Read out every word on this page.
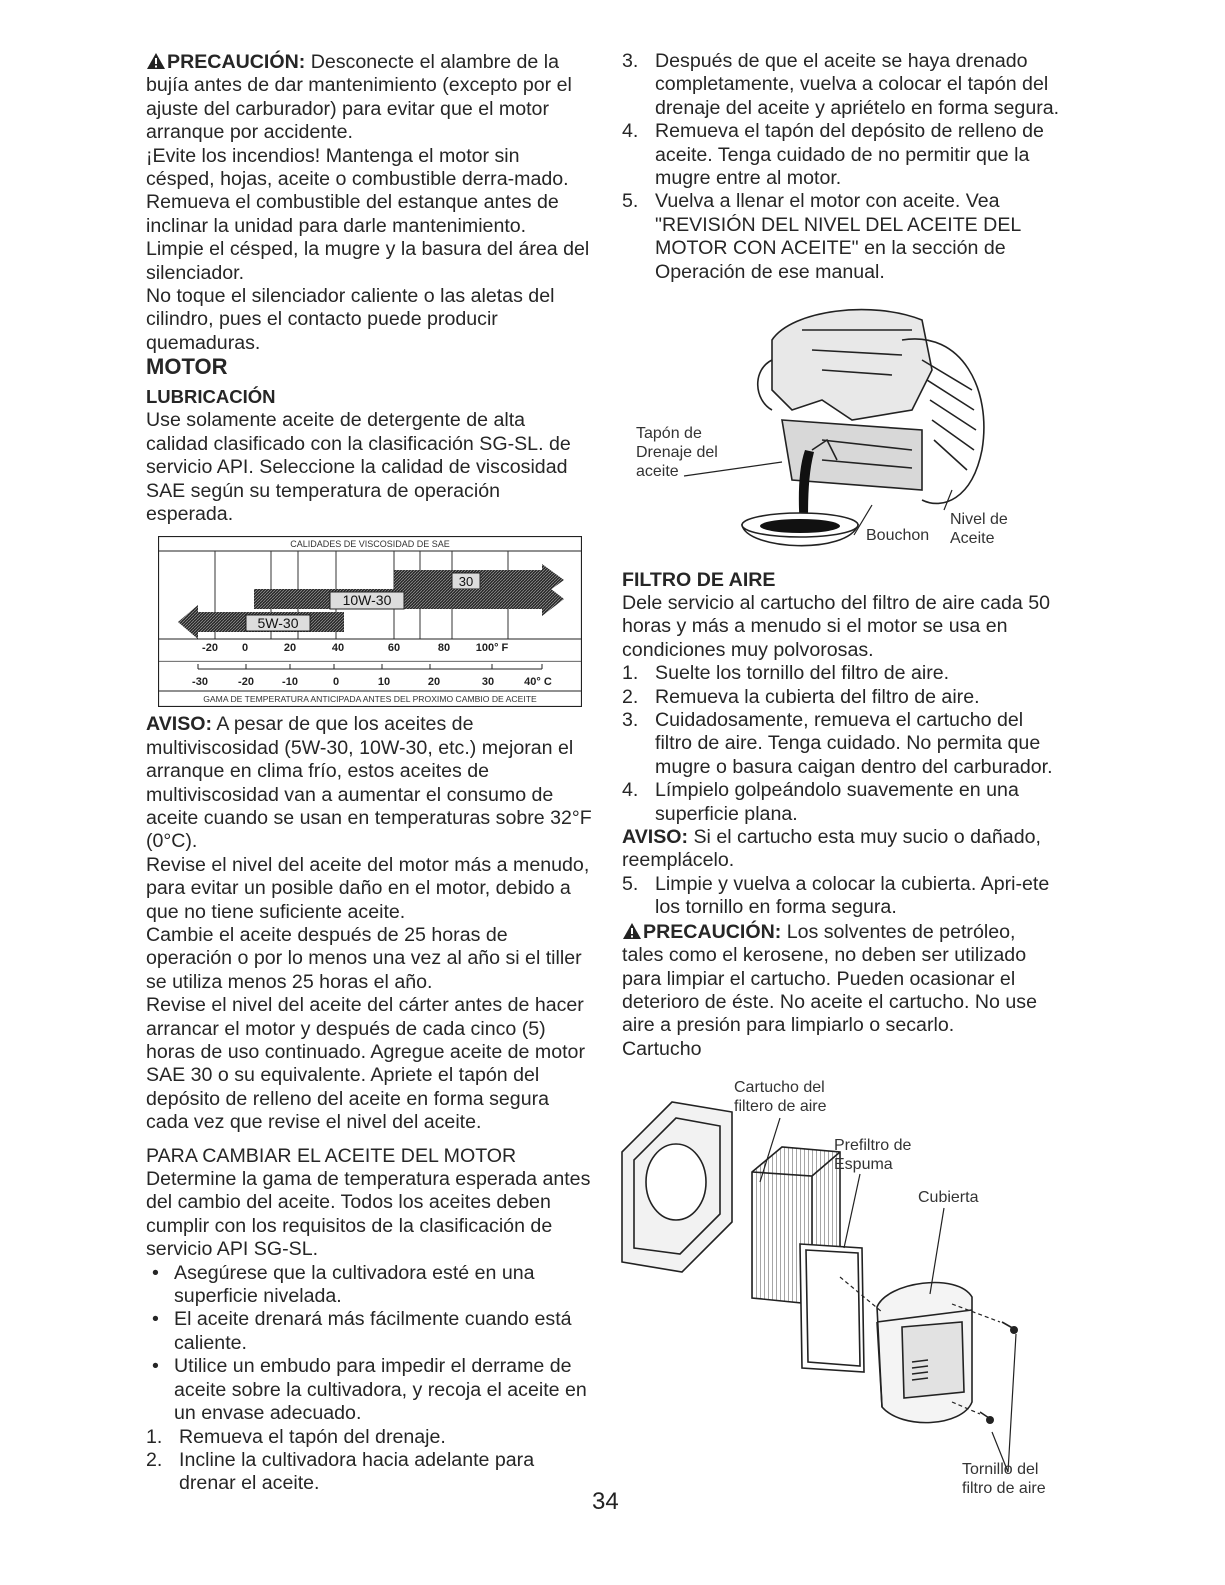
PRECAUCIÓN: Desconecte el alambre de la bujía antes de dar mantenimiento (excepto por el ajuste del carburador) para evitar que el motor arranque por accidente.

¡Evite los incendios! Mantenga el motor sin césped, hojas, aceite o combustible derra-mado.

Remueva el combustible del estanque antes de inclinar la unidad para darle mantenimiento.

Limpie el césped, la mugre y la basura del área del silenciador.

No toque el silenciador caliente o las aletas del cilindro, pues el contacto puede producir quemaduras.

MOTOR

LUBRICACIÓN

Use solamente aceite de detergente de alta calidad clasificado con la clasificación SG-SL. de servicio API. Seleccione la calidad de viscosidad SAE según su temperatura de operación esperada.

CALIDADES DE VISCOSIDAD DE SAE
30
10W-30
5W-30
-20 0	20	40	60	80 100° F
-30	-20	-10	0	10	20	30	40° C
GAMA DE TEMPERATURA ANTICIPADA ANTES DEL PROXIMO CAMBIO DE ACEITE

AVISO: A pesar de que los aceites de multiviscosidad (5W-30, 10W-30, etc.) mejoran el arranque en clima frío, estos aceites de multiviscosidad van a aumentar el consumo de aceite cuando se usan en temperaturas sobre 32°F (0°C).

Revise el nivel del aceite del motor más a menudo, para evitar un posible daño en el motor, debido a que no tiene suficiente aceite.

Cambie el aceite después de 25 horas de operación o por lo menos una vez al año si el tiller se utiliza menos 25 horas el año.

Revise el nivel del aceite del cárter antes de hacer arrancar el motor y después de cada cinco (5) horas de uso continuado. Agregue aceite de motor SAE 30 o su equivalente. Apriete el tapón del depósito de relleno del aceite en forma segura cada vez que revise el nivel del aceite.

PARA CAMBIAR EL ACEITE DEL MOTOR

Determine la gama de temperatura esperada antes del cambio del aceite. Todos los aceites deben cumplir con los requisitos de la clasificación de servicio API SG-SL.

• Asegúrese que la cultivadora esté en una superficie nivelada.
• El aceite drenará más fácilmente cuando está caliente.
• Utilice un embudo para impedir el derrame de aceite sobre la cultivadora, y recoja el aceite en un envase adecuado.
1. Remueva el tapón del drenaje.
2. Incline la cultivadora hacia adelante para drenar el aceite.
3. Después de que el aceite se haya drenado completamente, vuelva a colocar el tapón del drenaje del aceite y apriételo en forma segura.
4. Remueva el tapón del depósito de relleno de aceite. Tenga cuidado de no permitir que la mugre entre al motor.
5. Vuelva a llenar el motor con aceite. Vea "REVISIÓN DEL NIVEL DEL ACEITE DEL MOTOR CON ACEITE" en la sección de Operación de ese manual.
Tapón de Drenaje del aceite
Bouchon
Nivel de Aceite

FILTRO DE AIRE

Dele servicio al cartucho del filtro de aire cada 50 horas y más a menudo si el motor se usa en condiciones muy polvorosas.

1. Suelte los tornillo del filtro de aire.
2. Remueva la cubierta del filtro de aire.
3. Cuidadosamente, remueva el cartucho del filtro de aire. Tenga cuidado. No permita que mugre o basura caigan dentro del carburador.
4. Límpielo golpeándolo suavemente en una superficie plana.

AVISO: Si el cartucho esta muy sucio o dañado, reemplácelo.

5. Limpie y vuelva a colocar la cubierta. Apri-ete los tornillo en forma segura.

PRECAUCIÓN: Los solventes de petróleo, tales como el kerosene, no deben ser utilizado para limpiar el cartucho. Pueden ocasionar el deterioro de éste. No aceite el cartucho. No use aire a presión para limpiarlo o secarlo.

Cartucho

Cartucho del filtero de aire
Prefiltro de Espuma
Cubierta
Tornillo del filtro de aire
34
